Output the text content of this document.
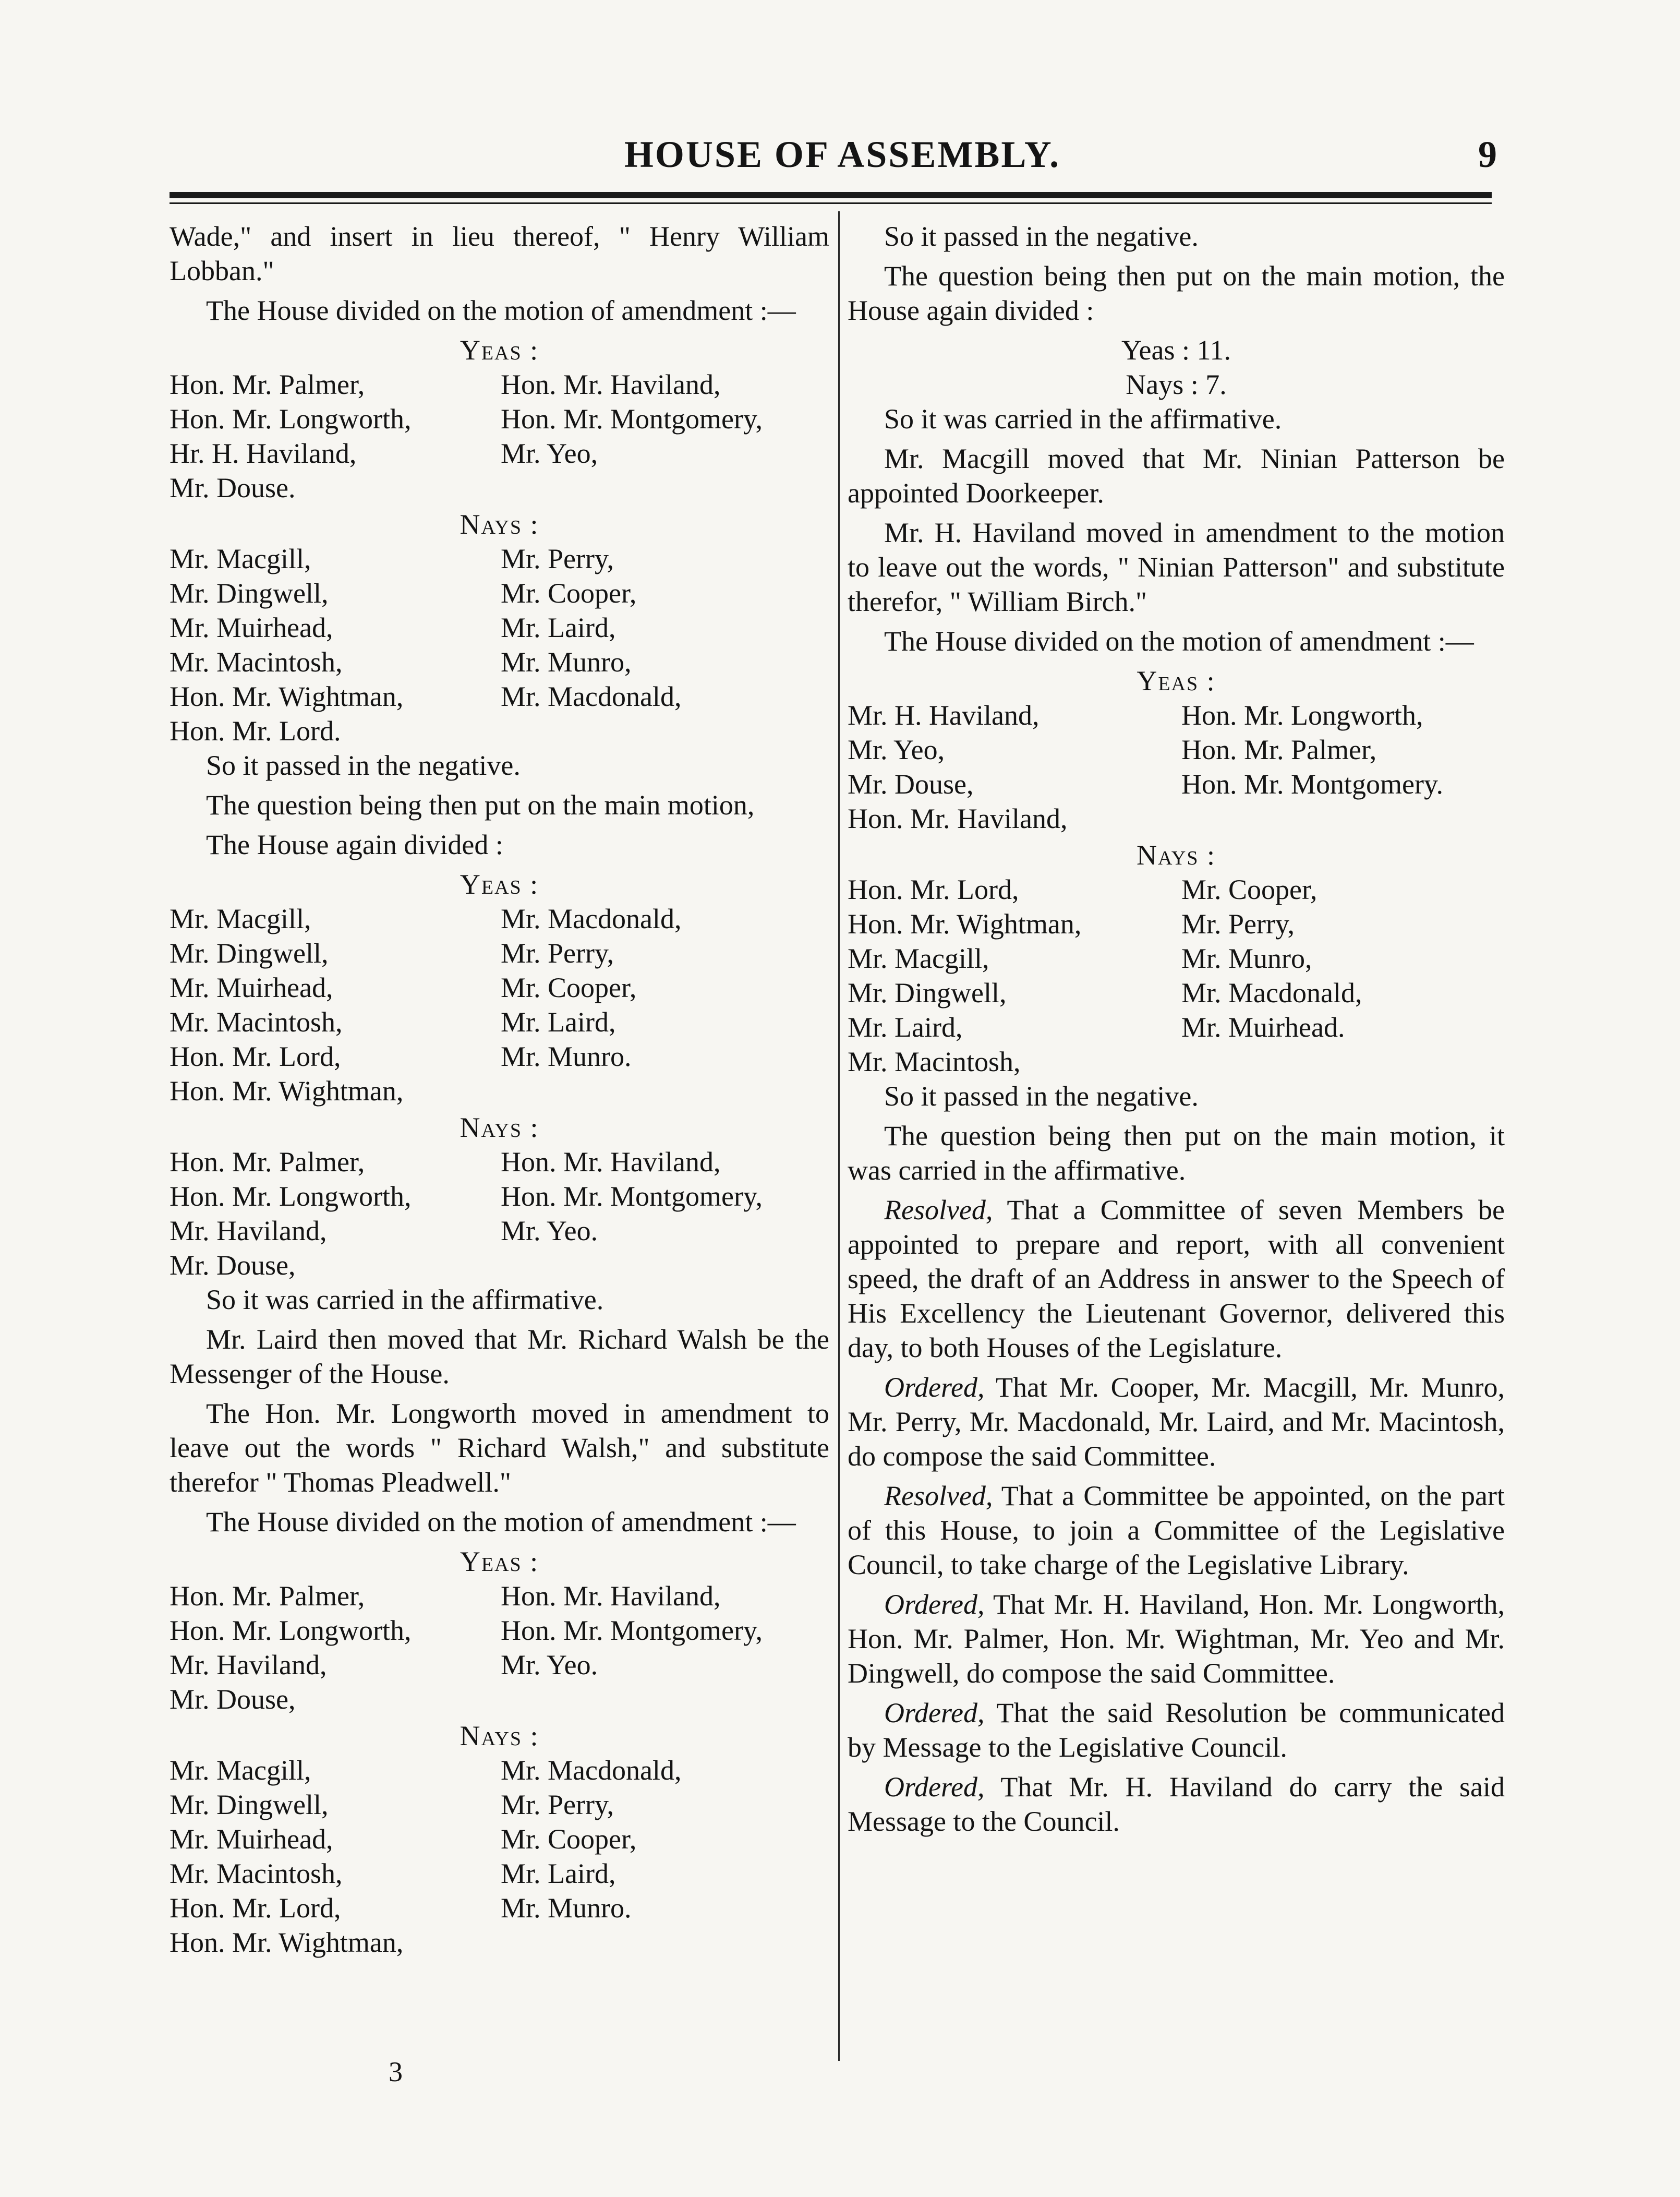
HOUSE OF ASSEMBLY.	9

Wade," and insert in lieu thereof, " Henry William Lobban."

The House divided on the motion of amendment :—

Yeas :

Hon. Mr. Palmer,	Hon. Mr. Haviland,
Hon. Mr. Longworth,	Hon. Mr. Montgomery,
Hr. H. Haviland,	Mr. Yeo,
Mr. Douse.

Nays :

Mr. Macgill,	Mr. Perry,
Mr. Dingwell,	Mr. Cooper,
Mr. Muirhead,	Mr. Laird,
Mr. Macintosh,	Mr. Munro,
Hon. Mr. Wightman,	Mr. Macdonald,
Hon. Mr. Lord.

So it passed in the negative.

The question being then put on the main motion,

The House again divided :

Yeas :

Mr. Macgill,	Mr. Macdonald,
Mr. Dingwell,	Mr. Perry,
Mr. Muirhead,	Mr. Cooper,
Mr. Macintosh,	Mr. Laird,
Hon. Mr. Lord,	Mr. Munro.
Hon. Mr. Wightman,

Nays :

Hon. Mr. Palmer,	Hon. Mr. Haviland,
Hon. Mr. Longworth,	Hon. Mr. Montgomery,
Mr. Haviland,	Mr. Yeo.
Mr. Douse,

So it was carried in the affirmative.

Mr. Laird then moved that Mr. Richard Walsh be the Messenger of the House.

The Hon. Mr. Longworth moved in amendment to leave out the words " Richard Walsh," and substitute therefor " Thomas Pleadwell."

The House divided on the motion of amendment :—

Yeas :

Hon. Mr. Palmer,	Hon. Mr. Haviland,
Hon. Mr. Longworth,	Hon. Mr. Montgomery,
Mr. Haviland,	Mr. Yeo.
Mr. Douse,

Nays :

Mr. Macgill,	Mr. Macdonald,
Mr. Dingwell,	Mr. Perry,
Mr. Muirhead,	Mr. Cooper,
Mr. Macintosh,	Mr. Laird,
Hon. Mr. Lord,	Mr. Munro.
Hon. Mr. Wightman,
3

So it passed in the negative.

The question being then put on the main motion, the House again divided :

Yeas : 11.

Nays : 7.

So it was carried in the affirmative.

Mr. Macgill moved that Mr. Ninian Patterson be appointed Doorkeeper.

Mr. H. Haviland moved in amendment to the motion to leave out the words, " Ninian Patterson" and substitute therefor, " William Birch."

The House divided on the motion of amendment :—

Yeas :

Mr. H. Haviland,	Hon. Mr. Longworth,
Mr. Yeo,	Hon. Mr. Palmer,
Mr. Douse,	Hon. Mr. Montgomery.
Hon. Mr. Haviland,

Nays :

Hon. Mr. Lord,	Mr. Cooper,
Hon. Mr. Wightman,	Mr. Perry,
Mr. Macgill,	Mr. Munro,
Mr. Dingwell,	Mr. Macdonald,
Mr. Laird,	Mr. Muirhead.
Mr. Macintosh,

So it passed in the negative.

The question being then put on the main motion, it was carried in the affirmative.

Resolved, That a Committee of seven Members be appointed to prepare and report, with all convenient speed, the draft of an Address in answer to the Speech of His Excellency the Lieutenant Governor, delivered this day, to both Houses of the Legislature.

Ordered, That Mr. Cooper, Mr. Macgill, Mr. Munro, Mr. Perry, Mr. Macdonald, Mr. Laird, and Mr. Macintosh, do compose the said Committee.

Resolved, That a Committee be appointed, on the part of this House, to join a Committee of the Legislative Council, to take charge of the Legislative Library.

Ordered, That Mr. H. Haviland, Hon. Mr. Longworth, Hon. Mr. Palmer, Hon. Mr. Wightman, Mr. Yeo and Mr. Dingwell, do compose the said Committee.

Ordered, That the said Resolution be communicated by Message to the Legislative Council.

Ordered, That Mr. H. Haviland do carry the said Message to the Council.
